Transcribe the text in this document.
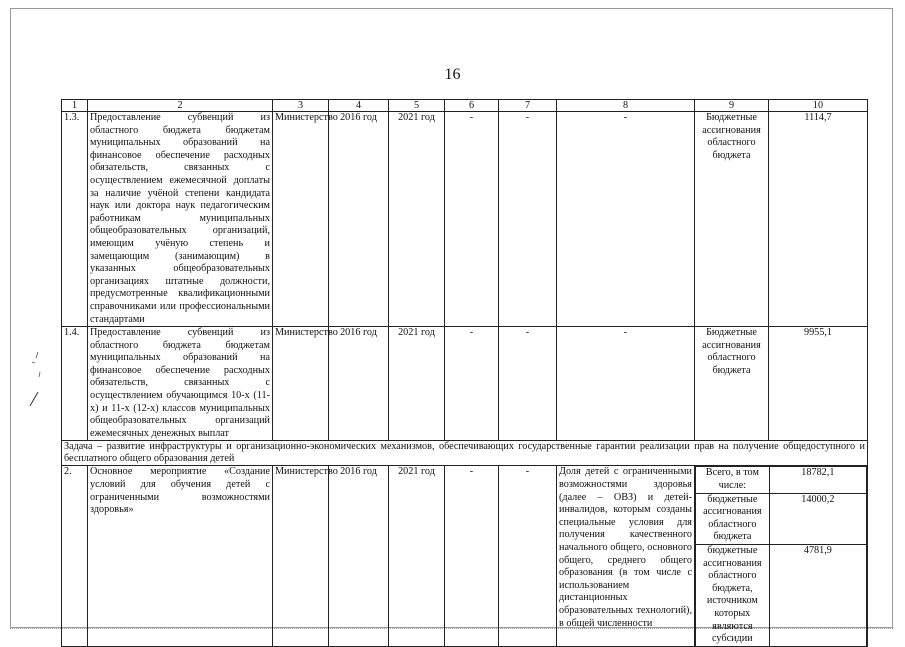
16
1	2	3	4	5	6	7	8	9	10
1.3.	Предоставление субвенций из областного бюджета бюджетам муниципальных образований на финансовое обеспечение расходных обязательств, связанных с осуществлением ежемесячной доплаты за наличие учёной степени кандидата наук или доктора наук педагогическим работникам муниципальных общеобразовательных организаций, имеющим учёную степень и замещающим (занимающим) в указанных общеобразовательных организациях штатные должности, предусмотренные квалификационными справочниками или профессиональными стандартами	Министерство	2016 год	2021 год	-	-	-	Бюджетные ассигнования областного бюджета	1114,7
1.4.	Предоставление субвенций из областного бюджета бюджетам муниципальных образований на финансовое обеспечение расходных обязательств, связанных с осуществлением обучающимся 10-х (11-х) и 11-х (12-х) классов муниципальных общеобразовательных организаций ежемесячных денежных выплат	Министерство	2016 год	2021 год	-	-	-	Бюджетные ассигнования областного бюджета	9955,1
Задача – развитие инфраструктуры и организационно-экономических механизмов, обеспечивающих государственные гарантии реализации прав на получение общедоступного и бесплатного общего образования детей
2.	Основное мероприятие «Создание условий для обучения детей с ограниченными возможностями здоровья»	Министерство	2016 год	2021 год	-	-	Доля детей с ограниченными возможностями здоровья (далее – ОВЗ) и детей-инвалидов, которым созданы специальные условия для получения качественного начального общего, основного общего, среднего общего образования (в том числе с использованием дистанционных образовательных технологий), в общей численности	
Всего, в том числе:	18782,1
бюджетные ассигнования областного бюджета	14000,2
бюджетные ассигнования областного бюджета, источником которых являются субсидии	4781,9
